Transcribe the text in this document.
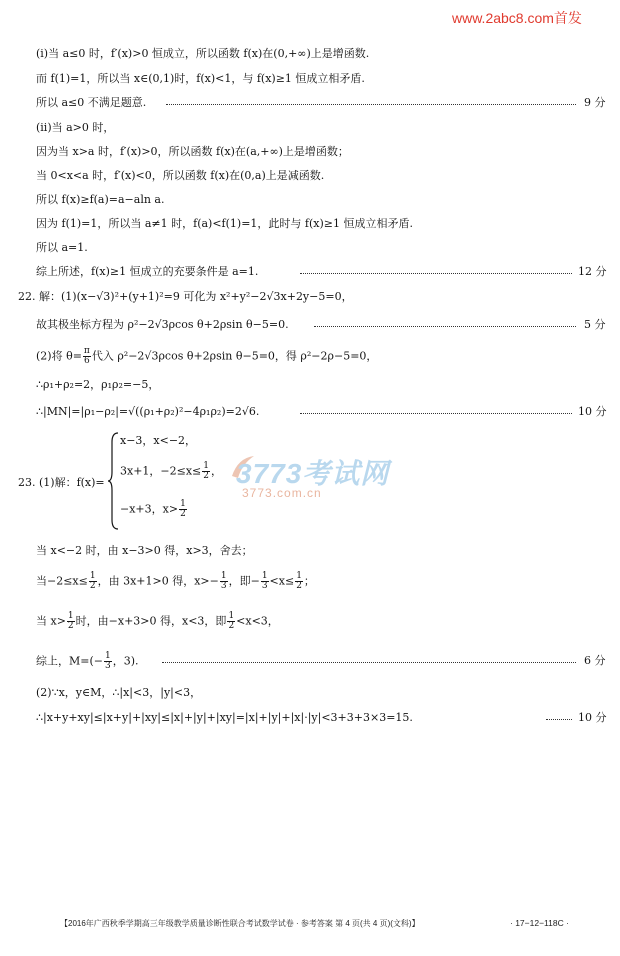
www.2abc8.com首发
(i)当 a≤0 时，f′(x)>0 恒成立，所以函数 f(x)在(0,+∞)上是增函数.
而 f(1)=1，所以当 x∈(0,1)时，f(x)<1，与 f(x)≥1 恒成立相矛盾.
所以 a≤0 不满足题意.	9 分
(ii)当 a>0 时，
因为当 x>a 时，f′(x)>0，所以函数 f(x)在(a,+∞)上是增函数；
当 0<x<a 时，f′(x)<0，所以函数 f(x)在(0,a)上是减函数.
所以 f(x)≥f(a)=a−aln a.
因为 f(1)=1，所以当 a≠1 时，f(a)<f(1)=1，此时与 f(x)≥1 恒成立相矛盾.
所以 a=1.
综上所述，f(x)≥1 恒成立的充要条件是 a=1.	12 分
22. 解：(1)(x−√3)²+(y+1)²=9 可化为 x²+y²−2√3x+2y−5=0，
故其极坐标方程为 ρ²−2√3ρcos θ+2ρsin θ−5=0.	5 分
(2)将 $\theta= \frac{\pi}{6}$ 代入 ρ²−2√3ρcos θ+2ρsin θ−5=0，得 ρ²−2ρ−5=0，
∴ρ₁+ρ₂=2，ρ₁ρ₂=−5，
∴|MN|=|ρ₁−ρ₂|=√((ρ₁+ρ₂)²−4ρ₁ρ₂)=2√6.	10 分
23. (1)解：f(x)=
x−3，x<−2，
3x+1，$-2\le x\le \frac{1}{2}$ ，
−x+3，$x> \frac{1}{2}$
3773考试网
3773.com.cn
当 x<−2 时，由 x−3>0 得，x>3，舍去；
当$-2\le x\le \frac{1}{2}$ ，由 3x+1>0 得，$x>- \frac{1}{3}$ ，即− $\frac{1}{3} <x\le \frac{1}{2}$ ；
当 $x> \frac{1}{2}$ 时，由−x+3>0 得，x<3，即 $\frac{1}{2} <x<3$，
综上，$M=(- \frac{1}{3}$ ，3).	6 分
(2)∵x，y∈M，∴|x|<3，|y|<3，
∴|x+y+xy|≤|x+y|+|xy|≤|x|+|y|+|xy|=|x|+|y|+|x|·|y|<3+3+3×3=15.	10 分
【2016年广西秋季学期高三年级教学质量诊断性联合考试数学试卷 · 参考答案 第 4 页(共 4 页)(文科)】	· 17−12−118C ·
